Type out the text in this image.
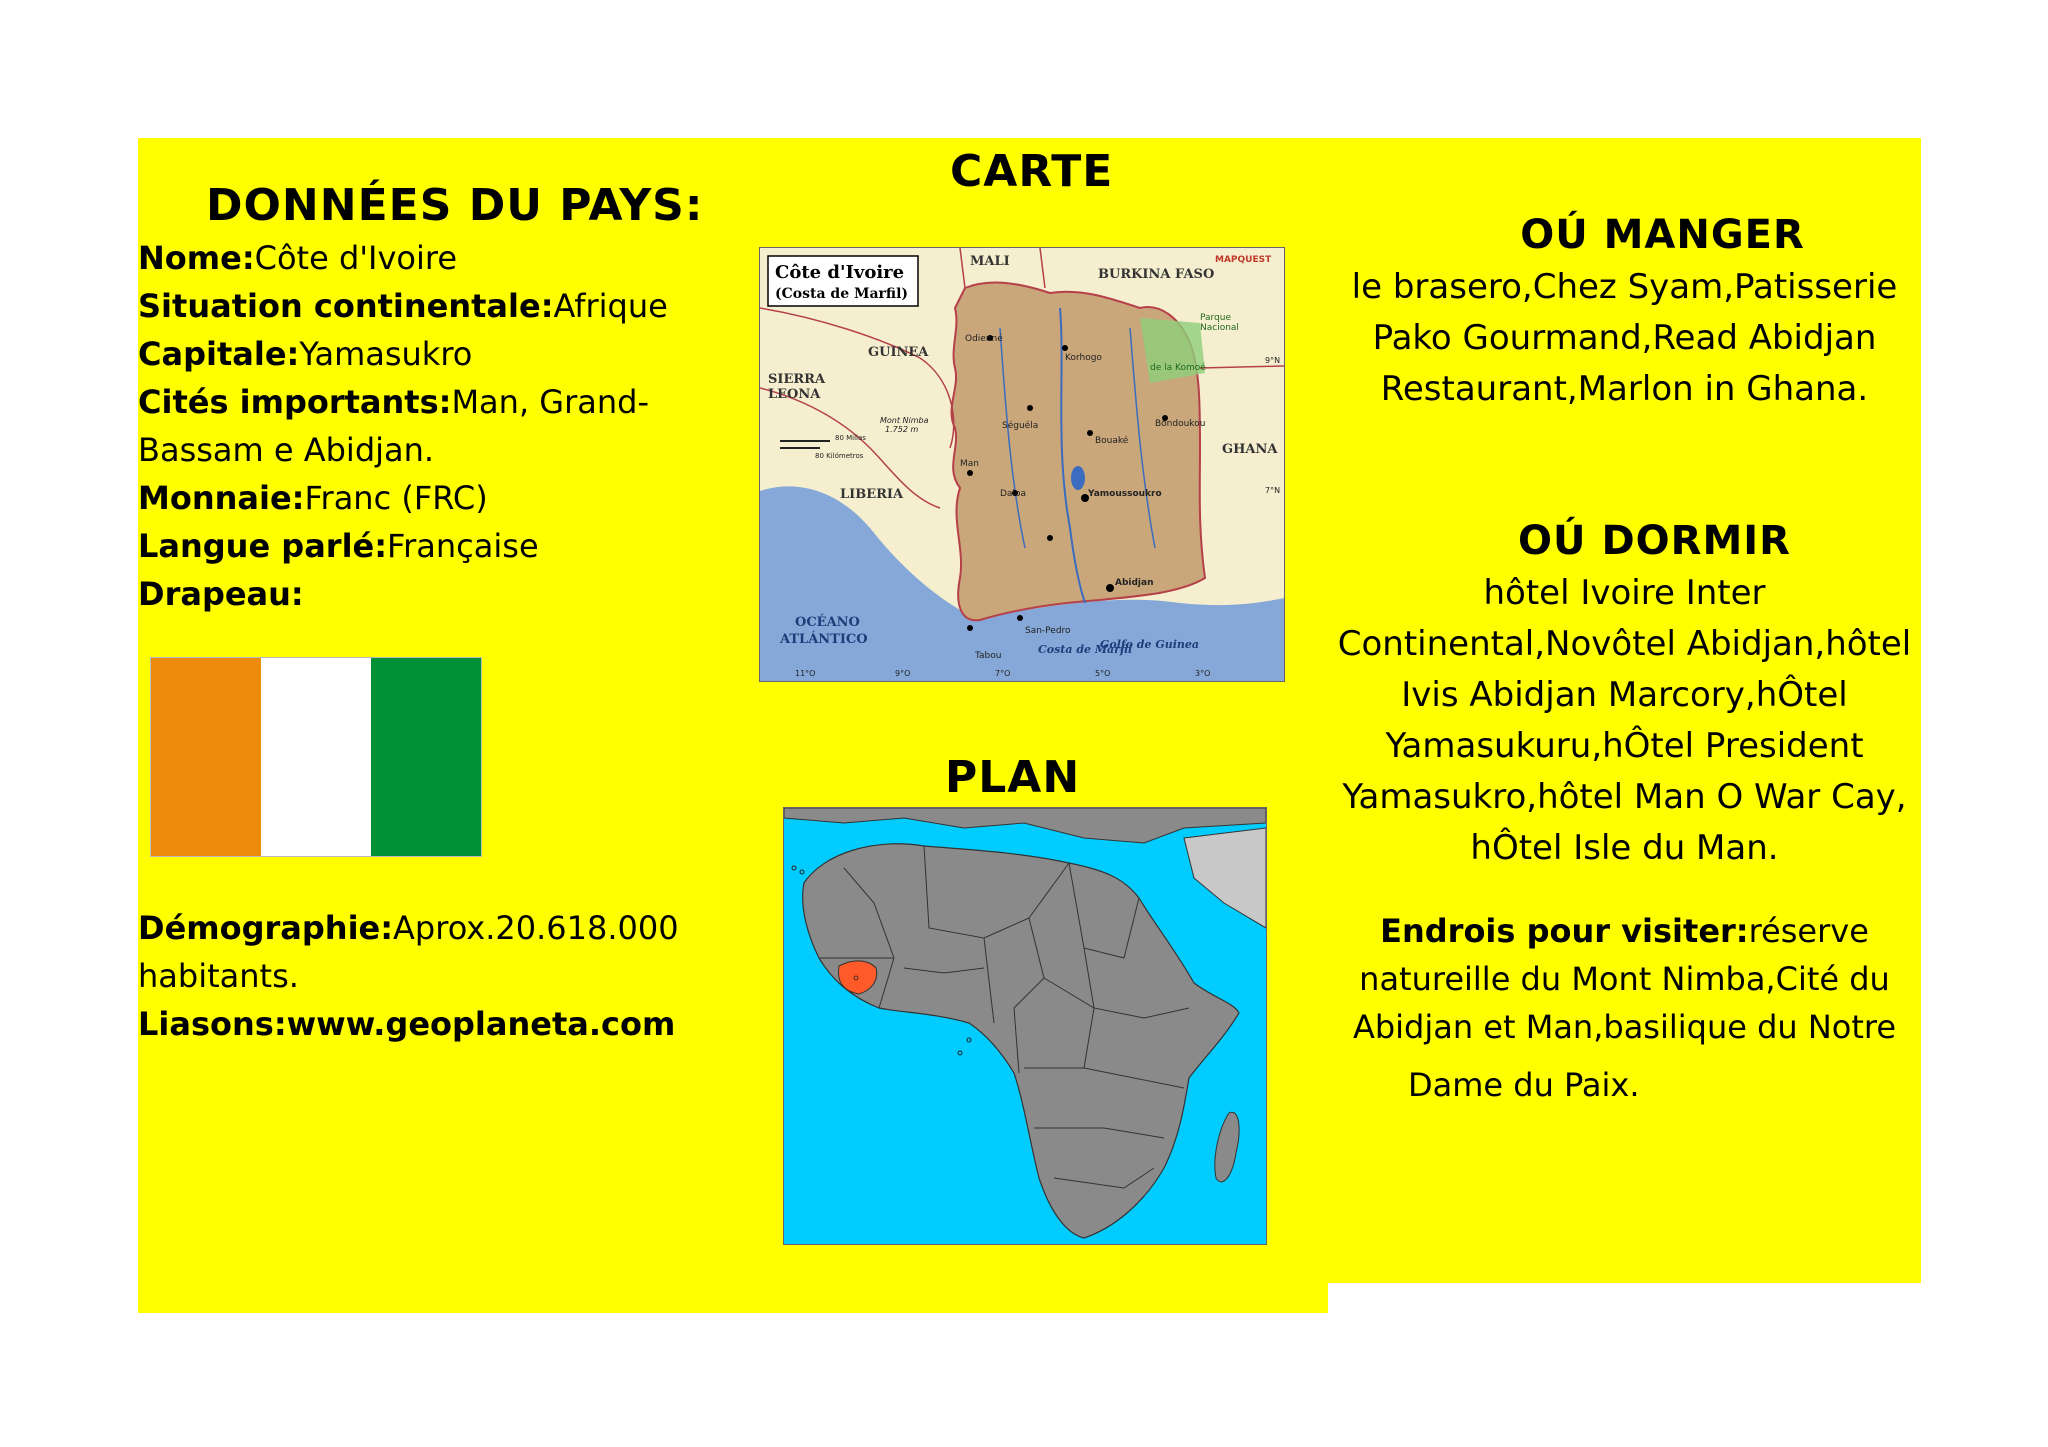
DONNÉES DU PAYS:
Nome:Côte d'Ivoire
Situation continentale:Afrique
Capitale:Yamasukro
Cités importants:Man, Grand-
Bassam e Abidjan.
Monnaie:Franc (FRC)
Langue parlé:Française
Drapeau:
Démographie:Aprox.20.618.000
habitants.
Liasons:www.geoplaneta.com
CARTE
Côte d'Ivoire
(Costa de Marfil)
MAPQUEST
MALI
BURKINA FASO
GUINEA
SIERRA
LEONA
LIBERIA
GHANA
OCÉANO
ATLÁNTICO	Golfo de Guinea
Costa de Marfil
Parque
Nacional
de la Komoé
Yamoussoukro
Abidjan
Bouaké
Korhogo
Man
Daloa
San-Pedro
Tabou
Odienné
Séguéla	Bondoukou
Mont Nimba
1.752 m
80 Millas
80 Kilómetros
11°O	9°O	7°O	5°O	3°O
9°N
7°N
PLAN
OÚ MANGER
le brasero,Chez Syam,Patisserie
Pako Gourmand,Read Abidjan
Restaurant,Marlon in Ghana.
OÚ DORMIR
hôtel Ivoire Inter
Continental,Novôtel Abidjan,hôtel
Ivis Abidjan Marcory,hÔtel
Yamasukuru,hÔtel President
Yamasukro,hôtel Man O War Cay,
hÔtel Isle du Man.
Endrois pour visiter:réserve
natureille du Mont Nimba,Cité du
Abidjan et Man,basilique du Notre
Dame du Paix.
